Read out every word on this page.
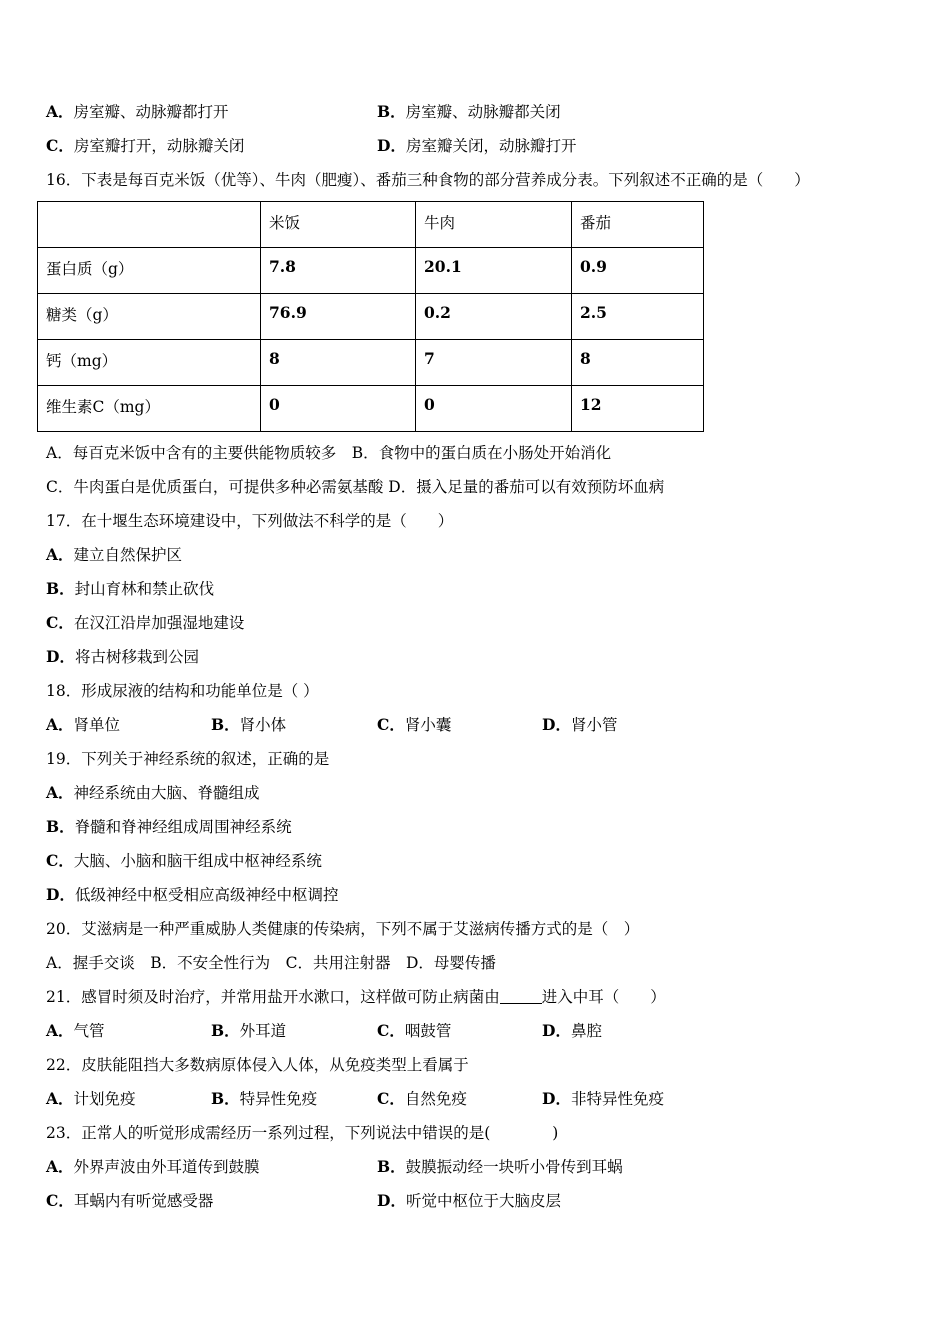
A．房室瓣、动脉瓣都打开	B．房室瓣、动脉瓣都关闭
C．房室瓣打开，动脉瓣关闭	D．房室瓣关闭，动脉瓣打开
16．下表是每百克米饭（优等）、牛肉（肥瘦）、番茄三种食物的部分营养成分表。下列叙述不正确的是（　　）
	米饭	牛肉	番茄
蛋白质（g）	7.8	20.1	0.9
糖类（g）	76.9	0.2	2.5
钙（mg）	8	7	8
维生素C（mg）	0	0	12
A．每百克米饭中含有的主要供能物质较多　B．食物中的蛋白质在小肠处开始消化
C．牛肉蛋白是优质蛋白，可提供多种必需氨基酸 D．摄入足量的番茄可以有效预防坏血病
17．在十堰生态环境建设中，下列做法不科学的是（　　）
A．建立自然保护区
B．封山育林和禁止砍伐
C．在汉江沿岸加强湿地建设
D．将古树移栽到公园
18．形成尿液的结构和功能单位是（ ）
A．肾单位	B．肾小体	C．肾小囊	D．肾小管
19．下列关于神经系统的叙述，正确的是
A．神经系统由大脑、脊髓组成
B．脊髓和脊神经组成周围神经系统
C．大脑、小脑和脑干组成中枢神经系统
D．低级神经中枢受相应高级神经中枢调控
20．艾滋病是一种严重威胁人类健康的传染病，下列不属于艾滋病传播方式的是（　）
A．握手交谈　B．不安全性行为　C．共用注射器　D．母婴传播
21．感冒时须及时治疗，并常用盐开水漱口，这样做可防止病菌由	进入中耳（　　）
A．气管	B．外耳道	C．咽鼓管	D．鼻腔
22．皮肤能阻挡大多数病原体侵入人体，从免疫类型上看属于
A．计划免疫	B．特异性免疫	C．自然免疫	D．非特异性免疫
23．正常人的听觉形成需经历一系列过程，下列说法中错误的是(　　　　)
A．外界声波由外耳道传到鼓膜	B．鼓膜振动经一块听小骨传到耳蜗
C．耳蜗内有听觉感受器	D．听觉中枢位于大脑皮层
